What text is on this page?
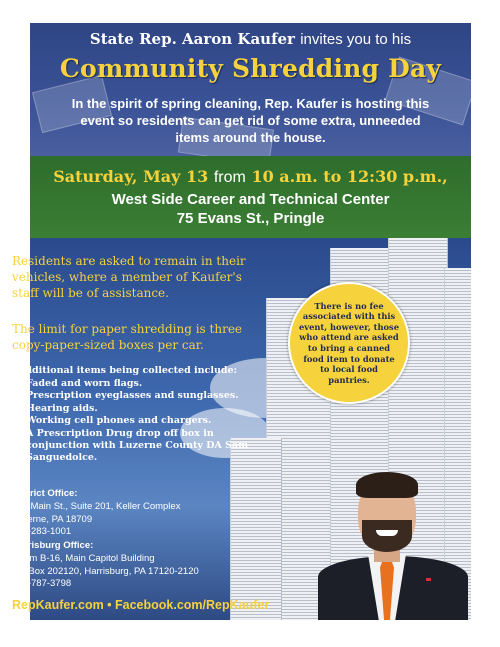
State Rep. Aaron Kaufer invites you to his
Community Shredding Day
In the spirit of spring cleaning, Rep. Kaufer is hosting this event so residents can get rid of some extra, unneeded items around the house.
Saturday, May 13 from 10 a.m. to 12:30 p.m.,
West Side Career and Technical Center
75 Evans St., Pringle

Residents are asked to remain in their vehicles, where a member of Kaufer's staff will be of assistance.

The limit for paper shredding is three copy-paper-sized boxes per car.

There is no fee associated with this event, however, those who attend are asked to bring a canned food item to donate to local food pantries.
Additional items being collected include:
• Faded and worn flags.
• Prescription eyeglasses and sunglasses.
• Hearing aids.
• Working cell phones and chargers.
• A Prescription Drug drop off box in conjunction with Luzerne County DA Sam Sanguedolce.
District Office:
161 Main St., Suite 201, Keller Complex
Luzerne, PA 18709
570-283-1001
Harrisburg Office:
Room B-16, Main Capitol Building
PO Box 202120, Harrisburg, PA 17120-2120
717-787-3798
RepKaufer.com • Facebook.com/RepKaufer
